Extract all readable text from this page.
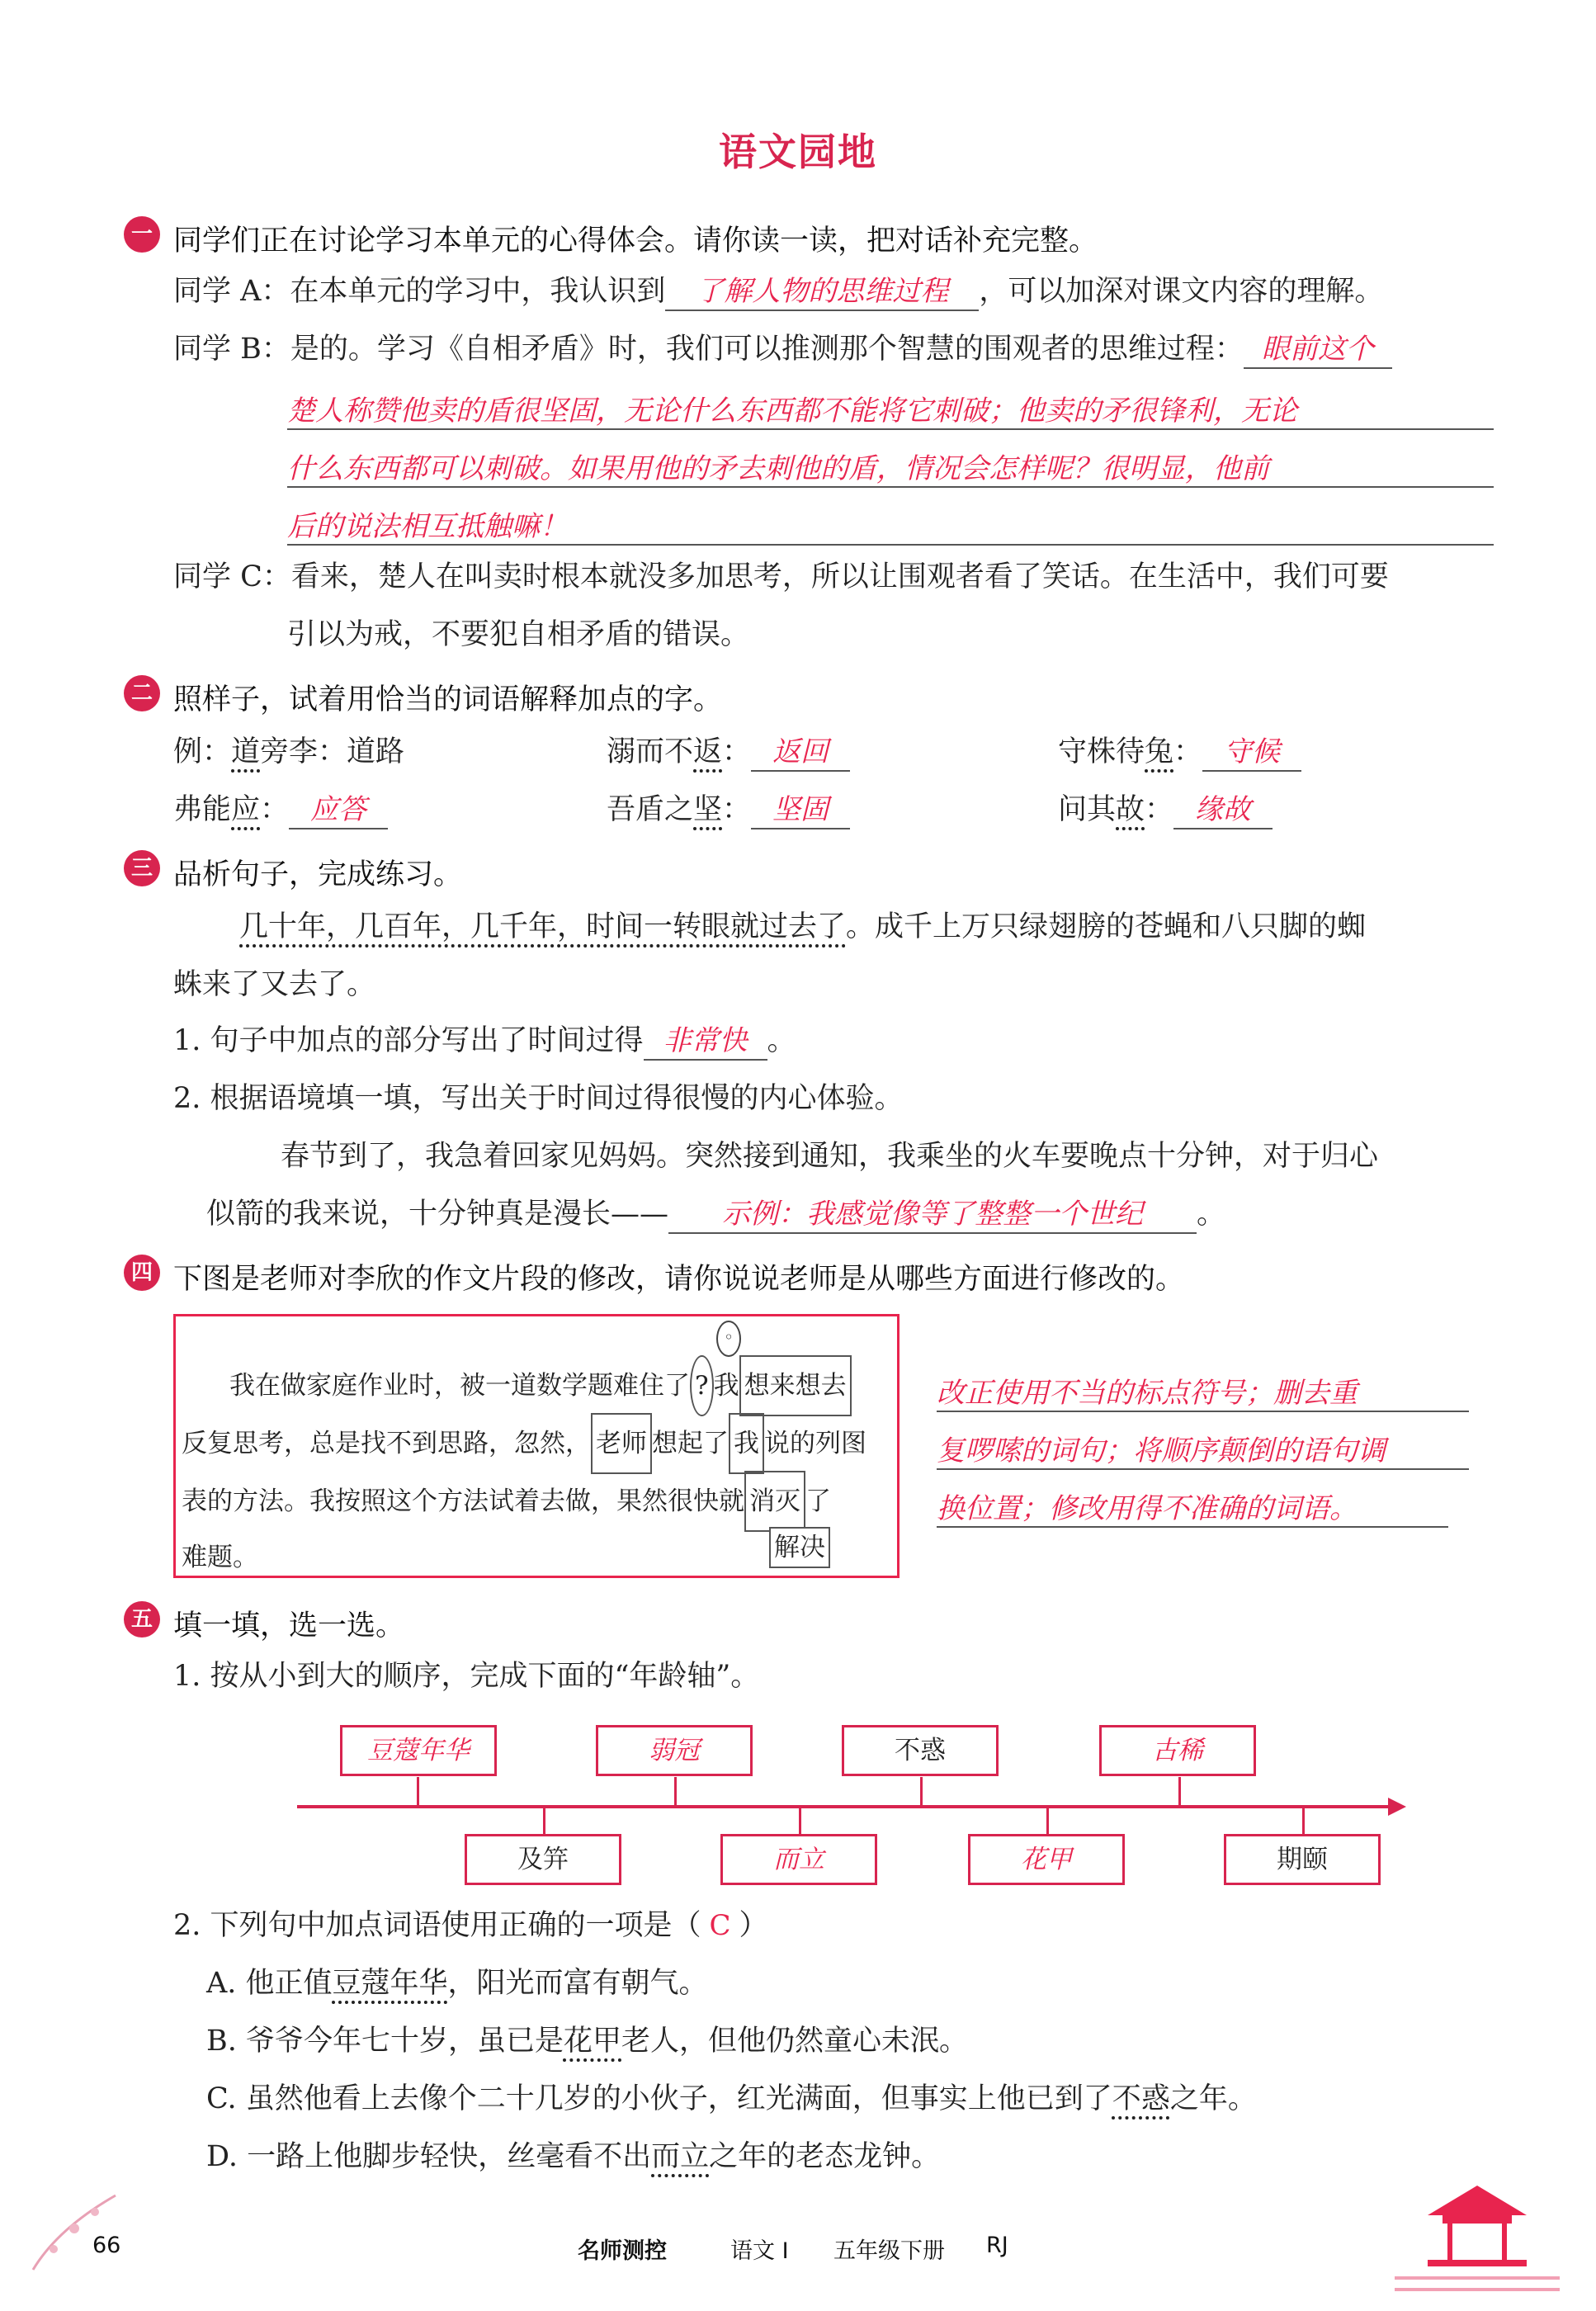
语文园地
一 同学们正在讨论学习本单元的心得体会。请你读一读，把对话补充完整。
同学 A：在本单元的学习中，我认识到 了解人物的思维过程 ，可以加深对课文内容的理解。
同学 B：是的。学习《自相矛盾》时，我们可以推测那个智慧的围观者的思维过程： 眼前这个
楚人称赞他卖的盾很坚固，无论什么东西都不能将它刺破；他卖的矛很锋利，无论
什么东西都可以刺破。如果用他的矛去刺他的盾，情况会怎样呢？很明显，他前
后的说法相互抵触嘛！
同学 C：看来，楚人在叫卖时根本就没多加思考，所以让围观者看了笑话。在生活中，我们可要
引以为戒，不要犯自相矛盾的错误。
二 照样子，试着用恰当的词语解释加点的字。
例：道旁李：道路	溺而不返： 返回	守株待兔： 守候
弗能应： 应答	吾盾之坚： 坚固	问其故： 缘故
三 品析句子，完成练习。
几十年，几百年，几千年，时间一转眼就过去了。成千上万只绿翅膀的苍蝇和八只脚的蜘
蛛来了又去了。
1. 句子中加点的部分写出了时间过得 非常快 。
2. 根据语境填一填，写出关于时间过得很慢的内心体验。
春节到了，我急着回家见妈妈。突然接到通知，我乘坐的火车要晚点十分钟，对于归心
似箭的我来说，十分钟真是漫长—— 示例：我感觉像等了整整一个世纪 。
四 下图是老师对李欣的作文片段的修改，请你说说老师是从哪些方面进行修改的。
◦
我在做家庭作业时，被一道数学题难住了 ? 我 想来想去
反复思考，总是找不到思路，忽然， 老师 想起了 我 说的列图
表的方法。我按照这个方法试着去做，果然很快就 消灭 了
难题。	解决
改正使用不当的标点符号；删去重
复啰嗦的词句；将顺序颠倒的语句调
换位置；修改用得不准确的词语。
五 填一填，选一选。
1. 按从小到大的顺序，完成下面的“年龄轴”。
豆蔻年华	弱冠	不惑	古稀
及笄	而立	花甲	期颐
2. 下列句中加点词语使用正确的一项是（ C ）
A. 他正值豆蔻年华，阳光而富有朝气。
B. 爷爷今年七十岁，虽已是花甲老人，但他仍然童心未泯。
C. 虽然他看上去像个二十几岁的小伙子，红光满面，但事实上他已到了不惑之年。
D. 一路上他脚步轻快，丝毫看不出而立之年的老态龙钟。
66	名师测控	语文 Ⅰ 五年级下册 RJ
